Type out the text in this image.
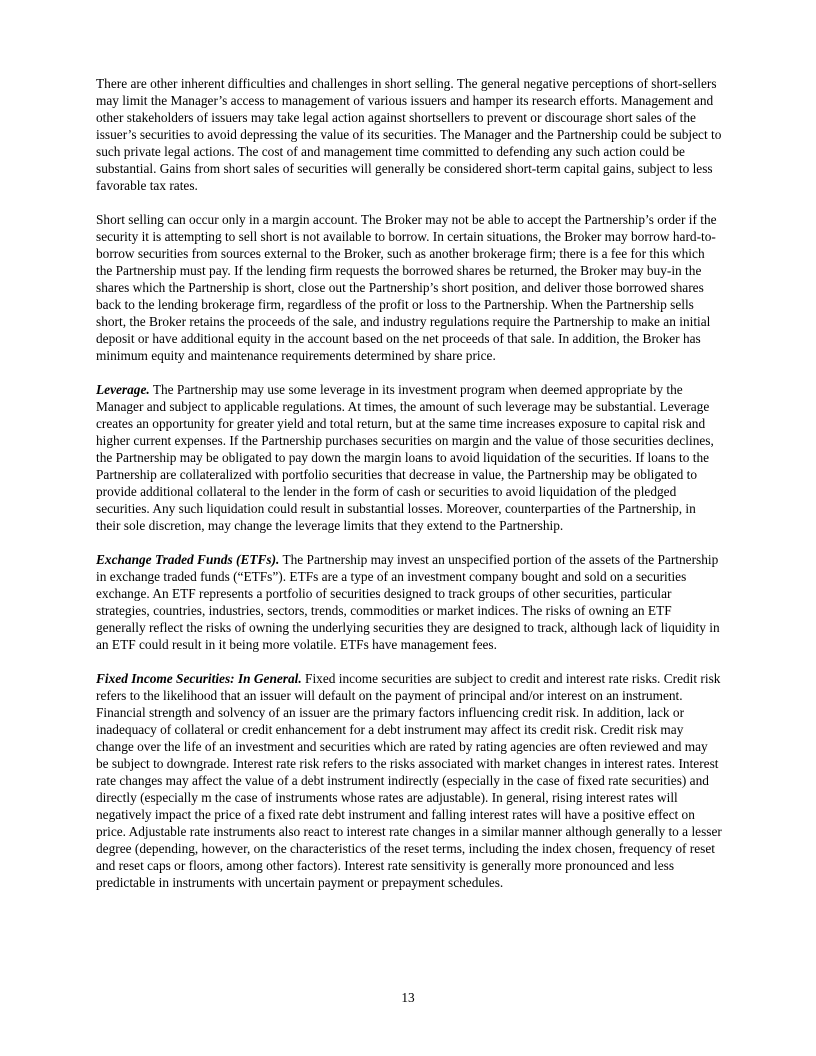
There are other inherent difficulties and challenges in short selling. The general negative perceptions of short-sellers may limit the Manager’s access to management of various issuers and hamper its research efforts. Management and other stakeholders of issuers may take legal action against shortsellers to prevent or discourage short sales of the issuer’s securities to avoid depressing the value of its securities. The Manager and the Partnership could be subject to such private legal actions. The cost of and management time committed to defending any such action could be substantial. Gains from short sales of securities will generally be considered short-term capital gains, subject to less favorable tax rates.

Short selling can occur only in a margin account. The Broker may not be able to accept the Partnership’s order if the security it is attempting to sell short is not available to borrow. In certain situations, the Broker may borrow hard-to-borrow securities from sources external to the Broker, such as another brokerage firm; there is a fee for this which the Partnership must pay. If the lending firm requests the borrowed shares be returned, the Broker may buy-in the shares which the Partnership is short, close out the Partnership’s short position, and deliver those borrowed shares back to the lending brokerage firm, regardless of the profit or loss to the Partnership. When the Partnership sells short, the Broker retains the proceeds of the sale, and industry regulations require the Partnership to make an initial deposit or have additional equity in the account based on the net proceeds of that sale. In addition, the Broker has minimum equity and maintenance requirements determined by share price.

Leverage. The Partnership may use some leverage in its investment program when deemed appropriate by the Manager and subject to applicable regulations. At times, the amount of such leverage may be substantial. Leverage creates an opportunity for greater yield and total return, but at the same time increases exposure to capital risk and higher current expenses. If the Partnership purchases securities on margin and the value of those securities declines, the Partnership may be obligated to pay down the margin loans to avoid liquidation of the securities. If loans to the Partnership are collateralized with portfolio securities that decrease in value, the Partnership may be obligated to provide additional collateral to the lender in the form of cash or securities to avoid liquidation of the pledged securities. Any such liquidation could result in substantial losses. Moreover, counterparties of the Partnership, in their sole discretion, may change the leverage limits that they extend to the Partnership.

Exchange Traded Funds (ETFs). The Partnership may invest an unspecified portion of the assets of the Partnership in exchange traded funds (“ETFs”). ETFs are a type of an investment company bought and sold on a securities exchange. An ETF represents a portfolio of securities designed to track groups of other securities, particular strategies, countries, industries, sectors, trends, commodities or market indices. The risks of owning an ETF generally reflect the risks of owning the underlying securities they are designed to track, although lack of liquidity in an ETF could result in it being more volatile. ETFs have management fees.

Fixed Income Securities: In General. Fixed income securities are subject to credit and interest rate risks. Credit risk refers to the likelihood that an issuer will default on the payment of principal and/or interest on an instrument. Financial strength and solvency of an issuer are the primary factors influencing credit risk. In addition, lack or inadequacy of collateral or credit enhancement for a debt instrument may affect its credit risk. Credit risk may change over the life of an investment and securities which are rated by rating agencies are often reviewed and may be subject to downgrade. Interest rate risk refers to the risks associated with market changes in interest rates. Interest rate changes may affect the value of a debt instrument indirectly (especially in the case of fixed rate securities) and directly (especially m the case of instruments whose rates are adjustable). In general, rising interest rates will negatively impact the price of a fixed rate debt instrument and falling interest rates will have a positive effect on price. Adjustable rate instruments also react to interest rate changes in a similar manner although generally to a lesser degree (depending, however, on the characteristics of the reset terms, including the index chosen, frequency of reset and reset caps or floors, among other factors). Interest rate sensitivity is generally more pronounced and less predictable in instruments with uncertain payment or prepayment schedules.

13
